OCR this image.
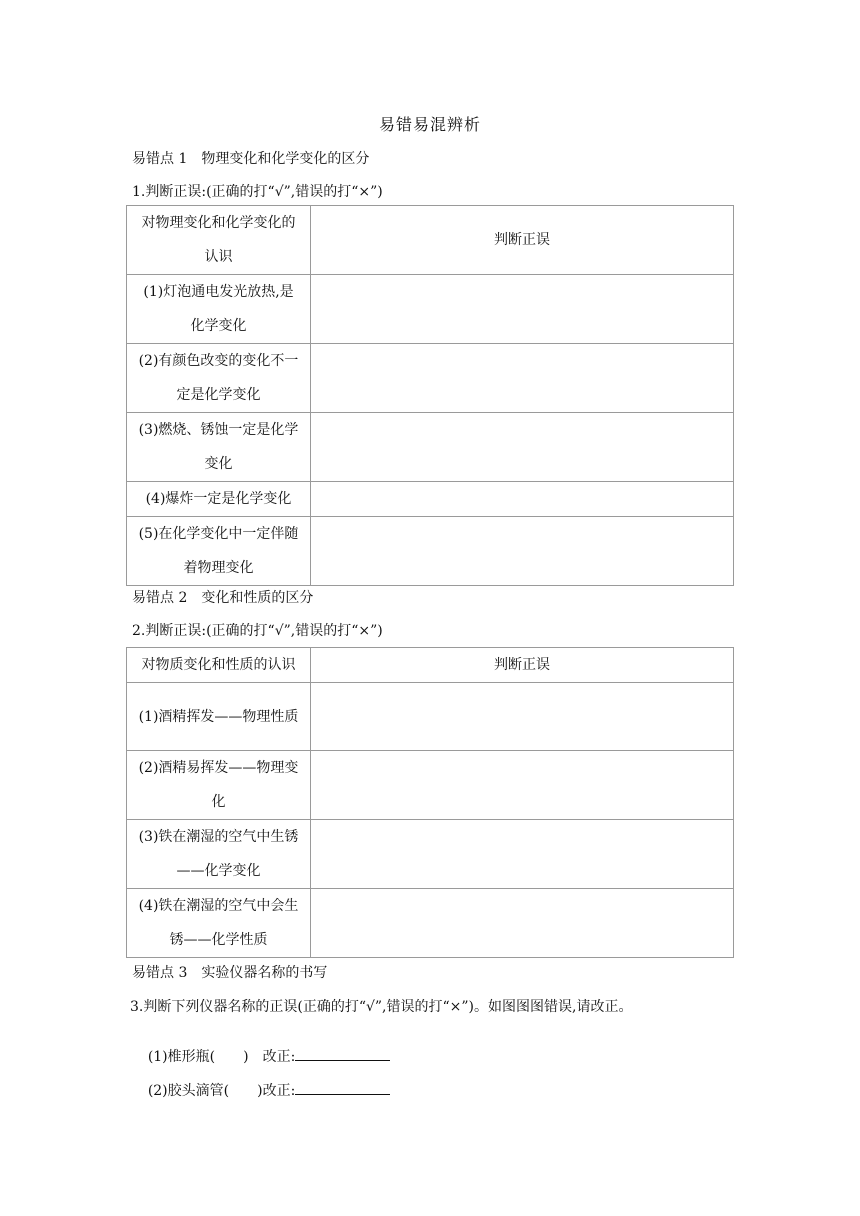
易错易混辨析
易错点 1　物理变化和化学变化的区分
1.判断正误:(正确的打“√”,错误的打“×”)
对物理变化和化学变化的认识	判断正误
(1)灯泡通电发光放热,是化学变化	
(2)有颜色改变的变化不一定是化学变化	
(3)燃烧、锈蚀一定是化学变化	
(4)爆炸一定是化学变化	
(5)在化学变化中一定伴随着物理变化	
易错点 2　变化和性质的区分
2.判断正误:(正确的打“√”,错误的打“×”)
对物质变化和性质的认识	判断正误
(1)酒精挥发——物理性质	
(2)酒精易挥发——物理变化	
(3)铁在潮湿的空气中生锈——化学变化	
(4)铁在潮湿的空气中会生锈——化学性质	
易错点 3　实验仪器名称的书写
3.判断下列仪器名称的正误(正确的打“√”,错误的打“×”)。如图图图错误,请改正。

(1)椎形瓶(　　)　改正:

(2)胶头滴管(　　)改正:
